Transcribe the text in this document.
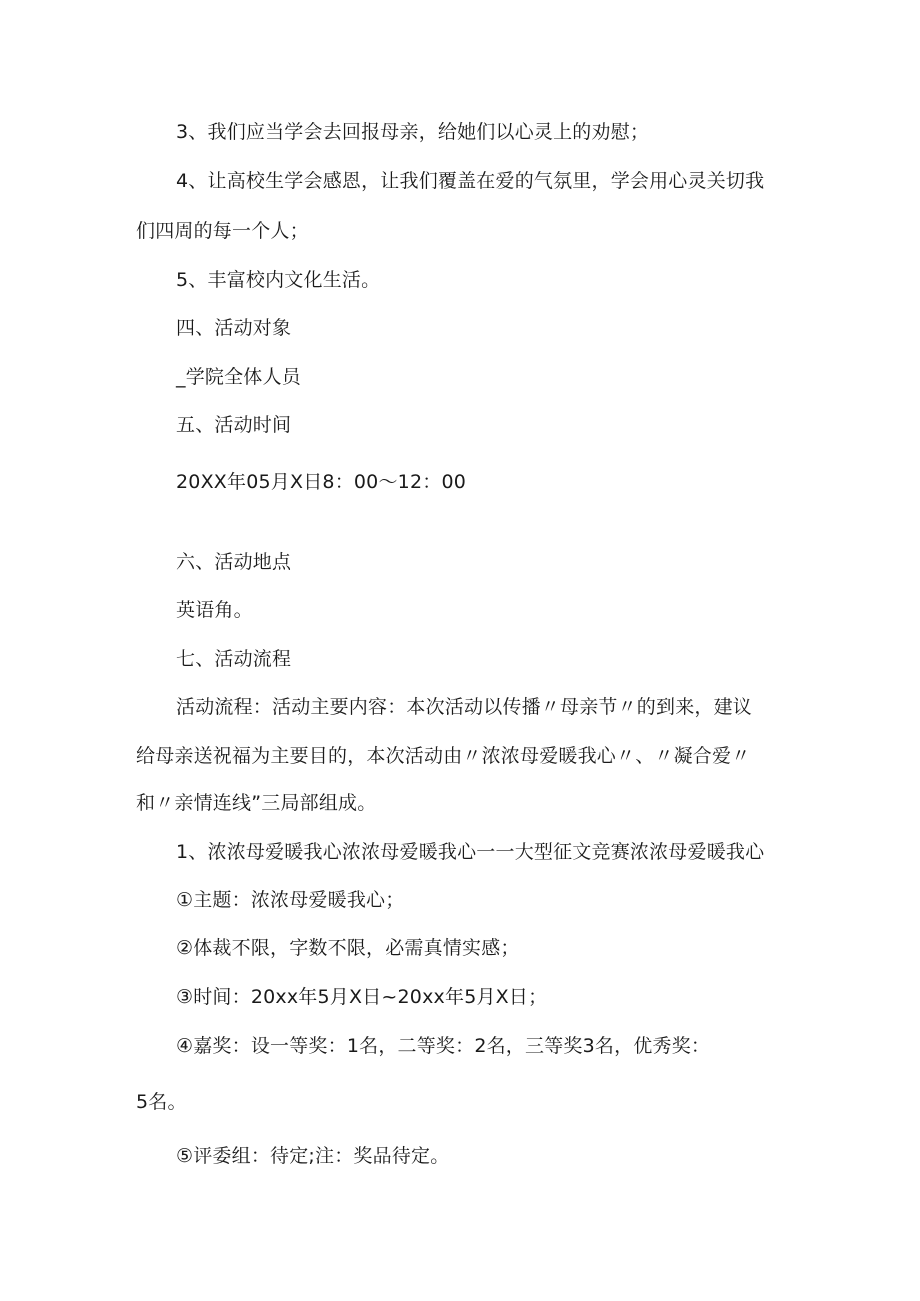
3、我们应当学会去回报母亲，给她们以心灵上的劝慰；
4、让高校生学会感恩，让我们覆盖在爱的气氛里，学会用心灵关切我
们四周的每一个人；
5、丰富校内文化生活。
四、活动对象
_学院全体人员
五、活动时间
20XX年05月X日8：00～12：00
六、活动地点
英语角。
七、活动流程
活动流程：活动主要内容：本次活动以传播〃母亲节〃的到来，建议
给母亲送祝福为主要目的，本次活动由〃浓浓母爱暖我心〃、〃凝合爱〃
和〃亲情连线”三局部组成。
1、浓浓母爱暖我心浓浓母爱暖我心一一大型征文竞赛浓浓母爱暖我心
①主题：浓浓母爱暖我心；
②体裁不限，字数不限，必需真情实感；
③时间：20xx年5月X日~20xx年5月X日；
④嘉奖：设一等奖：1名，二等奖：2名，三等奖3名，优秀奖：
5名。
⑤评委组：待定;注：奖品待定。
